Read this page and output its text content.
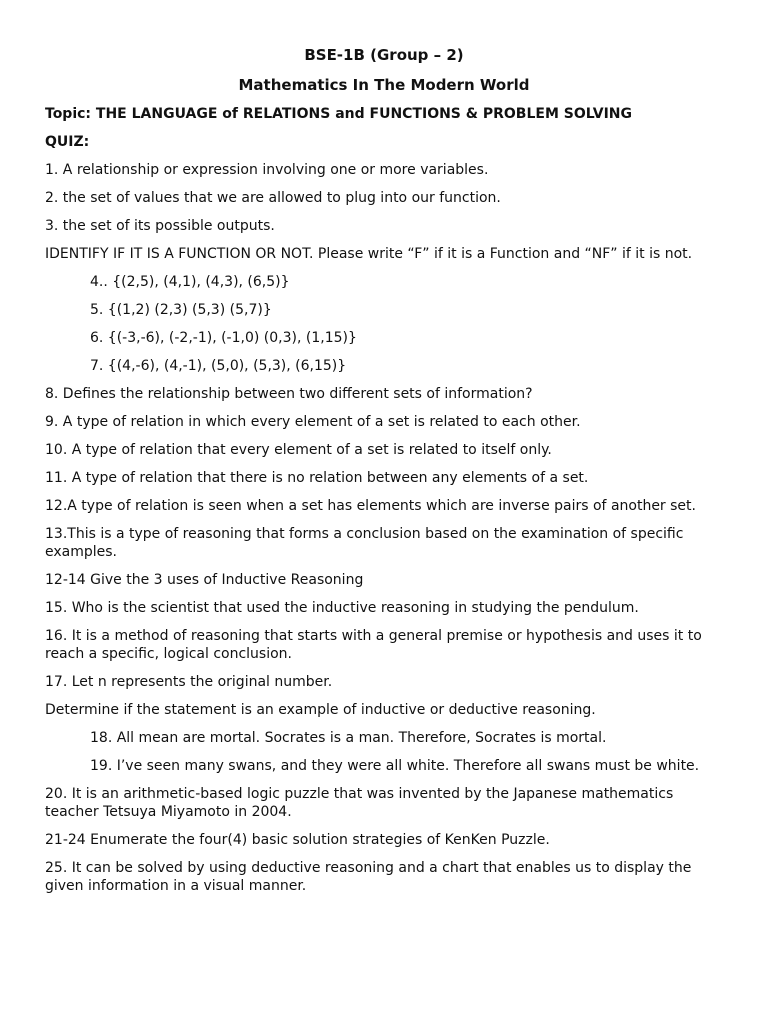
BSE-1B (Group – 2)
Mathematics In The Modern World
Topic: THE LANGUAGE of RELATIONS and FUNCTIONS & PROBLEM SOLVING
QUIZ:
1. A relationship or expression involving one or more variables.
2. the set of values that we are allowed to plug into our function.
3. the set of its possible outputs.
IDENTIFY IF IT IS A FUNCTION OR NOT. Please write “F” if it is a Function and “NF” if it is not.
4.. {(2,5), (4,1), (4,3), (6,5)}
5. {(1,2) (2,3) (5,3) (5,7)}
6. {(-3,-6), (-2,-1), (-1,0) (0,3), (1,15)}
7. {(4,-6), (4,-1), (5,0), (5,3), (6,15)}
8. Defines the relationship between two different sets of information?
9. A type of relation in which every element of a set is related to each other.
10. A type of relation that every element of a set is related to itself only.
11. A type of relation that there is no relation between any elements of a set.
12.A type of relation is seen when a set has elements which are inverse pairs of another set.
13.This is a type of reasoning that forms a conclusion based on the examination of specific examples.
12-14 Give the 3 uses of Inductive Reasoning
15. Who is the scientist that used the inductive reasoning in studying the pendulum.
16. It is a method of reasoning that starts with a general premise or hypothesis and uses it to reach a specific, logical conclusion.
17. Let n represents the original number.
Determine if the statement is an example of inductive or deductive reasoning.
18. All mean are mortal. Socrates is a man. Therefore, Socrates is mortal.
19. I’ve seen many swans, and they were all white. Therefore all swans must be white.
20. It is an arithmetic-based logic puzzle that was invented by the Japanese mathematics teacher Tetsuya Miyamoto in 2004.
21-24 Enumerate the four(4) basic solution strategies of KenKen Puzzle.
25. It can be solved by using deductive reasoning and a chart that enables us to display the given information in a visual manner.
